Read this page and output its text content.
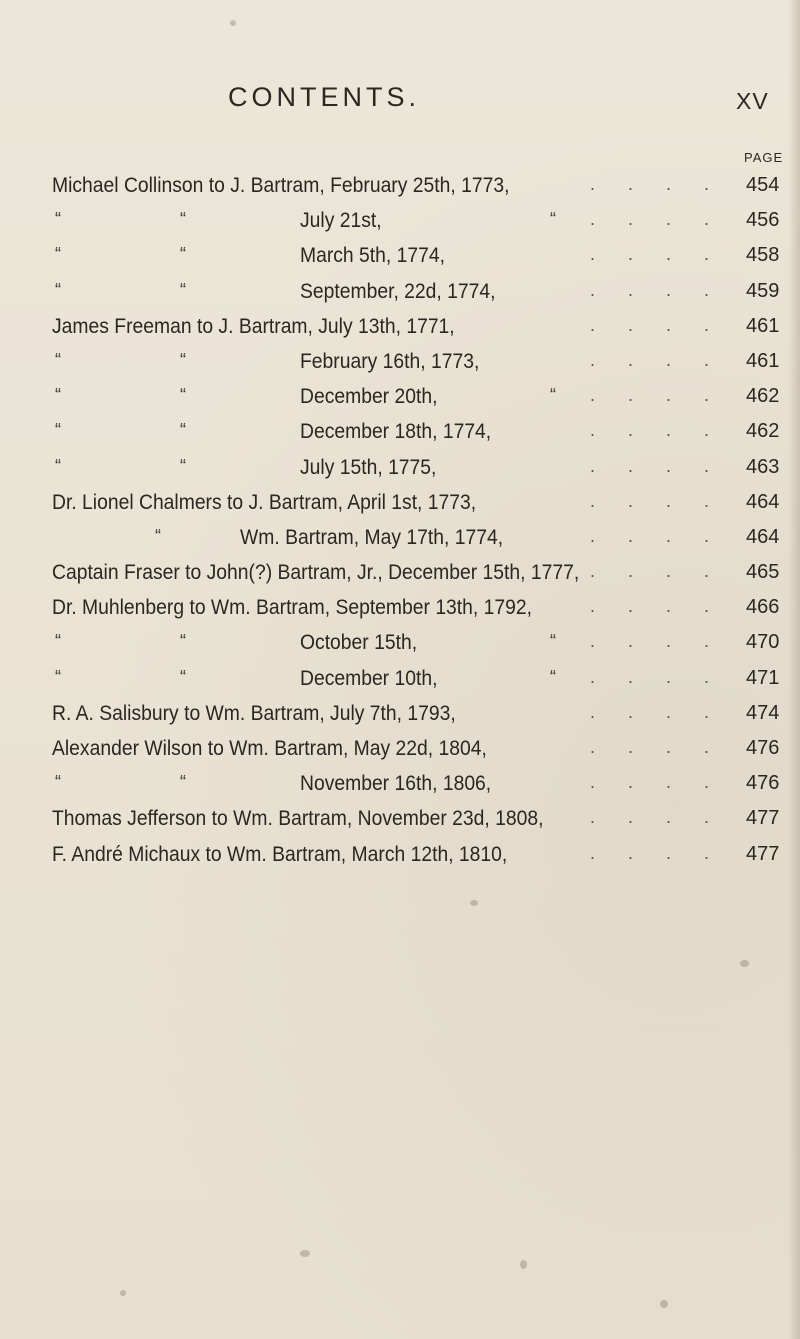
CONTENTS.	XV
PAGE
Michael Collinson to J. Bartram, February 25th, 1773,	. . . . 454
“	“	July 21st,	“ . . . . 456
“	“	March 5th, 1774,	. . . . 458
“	“	September, 22d, 1774,	. . . . 459
James Freeman to J. Bartram, July 13th, 1771,	. . . . 461
“	“	February 16th, 1773,	. . . . 461
“	“	December 20th,	“ . . . . 462
“	“	December 18th, 1774,	. . . . 462
“	“	July 15th, 1775,	. . . . 463
Dr. Lionel Chalmers to J. Bartram, April 1st, 1773,	. . . . 464
“	Wm. Bartram, May 17th, 1774,	. . . . 464
Captain Fraser to John(?) Bartram, Jr., December 15th, 1777, . . . . 465
Dr. Muhlenberg to Wm. Bartram, September 13th, 1792,	. . . . 466
“	“	October 15th,	“ . . . . 470
“	“	December 10th,	“ . . . . 471
R. A. Salisbury to Wm. Bartram, July 7th, 1793,	. . . . 474
Alexander Wilson to Wm. Bartram, May 22d, 1804,	. . . . 476
“	“	November 16th, 1806,	. . . . 476
Thomas Jefferson to Wm. Bartram, November 23d, 1808,	. . . . 477
F. André Michaux to Wm. Bartram, March 12th, 1810,	. . . . 477
